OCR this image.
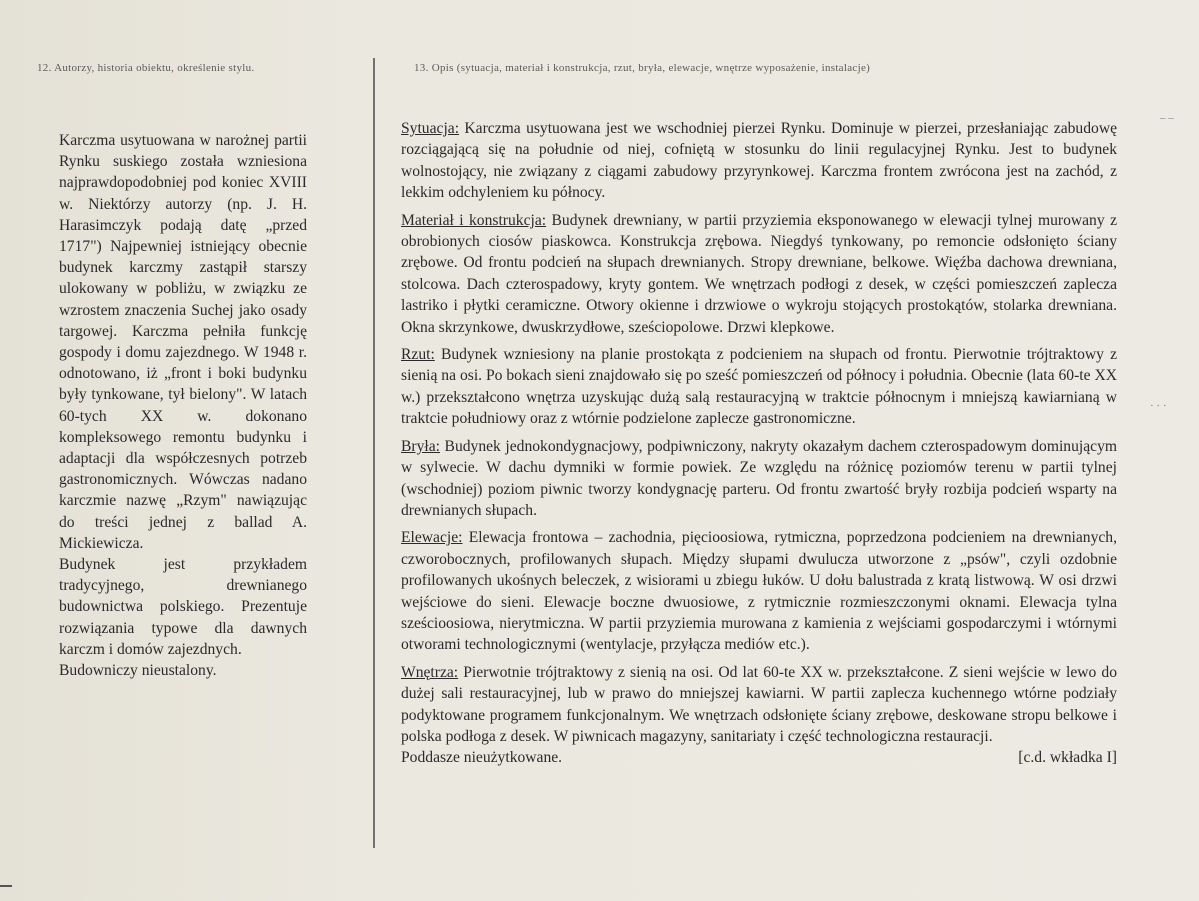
12. Autorzy, historia obiektu, określenie stylu.	13. Opis (sytuacja, materiał i konstrukcja, rzut, bryła, elewacje, wnętrze wyposażenie, instalacje)

Karczma usytuowana w narożnej partii Rynku suskiego została wzniesiona najprawdopodobniej pod koniec XVIII w. Niektórzy autorzy (np. J. H. Harasimczyk podają datę „przed 1717") Najpewniej istniejący obecnie budynek karczmy zastąpił starszy ulokowany w pobliżu, w związku ze wzrostem znaczenia Suchej jako osady targowej. Karczma pełniła funkcję gospody i domu zajezdnego. W 1948 r. odnotowano, iż „front i boki budynku były tynkowane, tył bielony". W latach 60-tych XX w. dokonano kompleksowego remontu budynku i adaptacji dla współczesnych potrzeb gastronomicznych. Wówczas nadano karczmie nazwę „Rzym" nawiązując do treści jednej z ballad A. Mickiewicza.

Budynek jest przykładem tradycyjnego, drewnianego budownictwa polskiego. Prezentuje rozwiązania typowe dla dawnych karczm i domów zajezdnych.

Budowniczy nieustalony.

Sytuacja: Karczma usytuowana jest we wschodniej pierzei Rynku. Dominuje w pierzei, przesłaniając zabudowę rozciągającą się na południe od niej, cofniętą w stosunku do linii regulacyjnej Rynku. Jest to budynek wolnostojący, nie związany z ciągami zabudowy przyrynkowej. Karczma frontem zwrócona jest na zachód, z lekkim odchyleniem ku północy.

Materiał i konstrukcja: Budynek drewniany, w partii przyziemia eksponowanego w elewacji tylnej murowany z obrobionych ciosów piaskowca. Konstrukcja zrębowa. Niegdyś tynkowany, po remoncie odsłonięto ściany zrębowe. Od frontu podcień na słupach drewnianych. Stropy drewniane, belkowe. Więźba dachowa drewniana, stolcowa. Dach czterospadowy, kryty gontem. We wnętrzach podłogi z desek, w części pomieszczeń zaplecza lastriko i płytki ceramiczne. Otwory okienne i drzwiowe o wykroju stojących prostokątów, stolarka drewniana. Okna skrzynkowe, dwuskrzydłowe, sześciopolowe. Drzwi klepkowe.

Rzut: Budynek wzniesiony na planie prostokąta z podcieniem na słupach od frontu. Pierwotnie trójtraktowy z sienią na osi. Po bokach sieni znajdowało się po sześć pomieszczeń od północy i południa. Obecnie (lata 60-te XX w.) przekształcono wnętrza uzyskując dużą salą restauracyjną w traktcie północnym i mniejszą kawiarnianą w traktcie południowy oraz z wtórnie podzielone zaplecze gastronomiczne.

Bryła: Budynek jednokondygnacjowy, podpiwniczony, nakryty okazałym dachem czterospadowym dominującym w sylwecie. W dachu dymniki w formie powiek. Ze względu na różnicę poziomów terenu w partii tylnej (wschodniej) poziom piwnic tworzy kondygnację parteru. Od frontu zwartość bryły rozbija podcień wsparty na drewnianych słupach.

Elewacje: Elewacja frontowa – zachodnia, pięcioosiowa, rytmiczna, poprzedzona podcieniem na drewnianych, czworobocznych, profilowanych słupach. Między słupami dwulucza utworzone z „psów", czyli ozdobnie profilowanych ukośnych beleczek, z wisiorami u zbiegu łuków. U dołu balustrada z kratą listwową. W osi drzwi wejściowe do sieni. Elewacje boczne dwuosiowe, z rytmicznie rozmieszczonymi oknami. Elewacja tylna sześcioosiowa, nierytmiczna. W partii przyziemia murowana z kamienia z wejściami gospodarczymi i wtórnymi otworami technologicznymi (wentylacje, przyłącza mediów etc.).

Wnętrza: Pierwotnie trójtraktowy z sienią na osi. Od lat 60-te XX w. przekształcone. Z sieni wejście w lewo do dużej sali restauracyjnej, lub w prawo do mniejszej kawiarni. W partii zaplecza kuchennego wtórne podziały podyktowane programem funkcjonalnym. We wnętrzach odsłonięte ściany zrębowe, deskowane stropu belkowe i polska podłoga z desek. W piwnicach magazyny, sanitariaty i część technologiczna restauracji.
Poddasze nieużytkowane.	[c.d. wkładka I]
– –
· · ·
